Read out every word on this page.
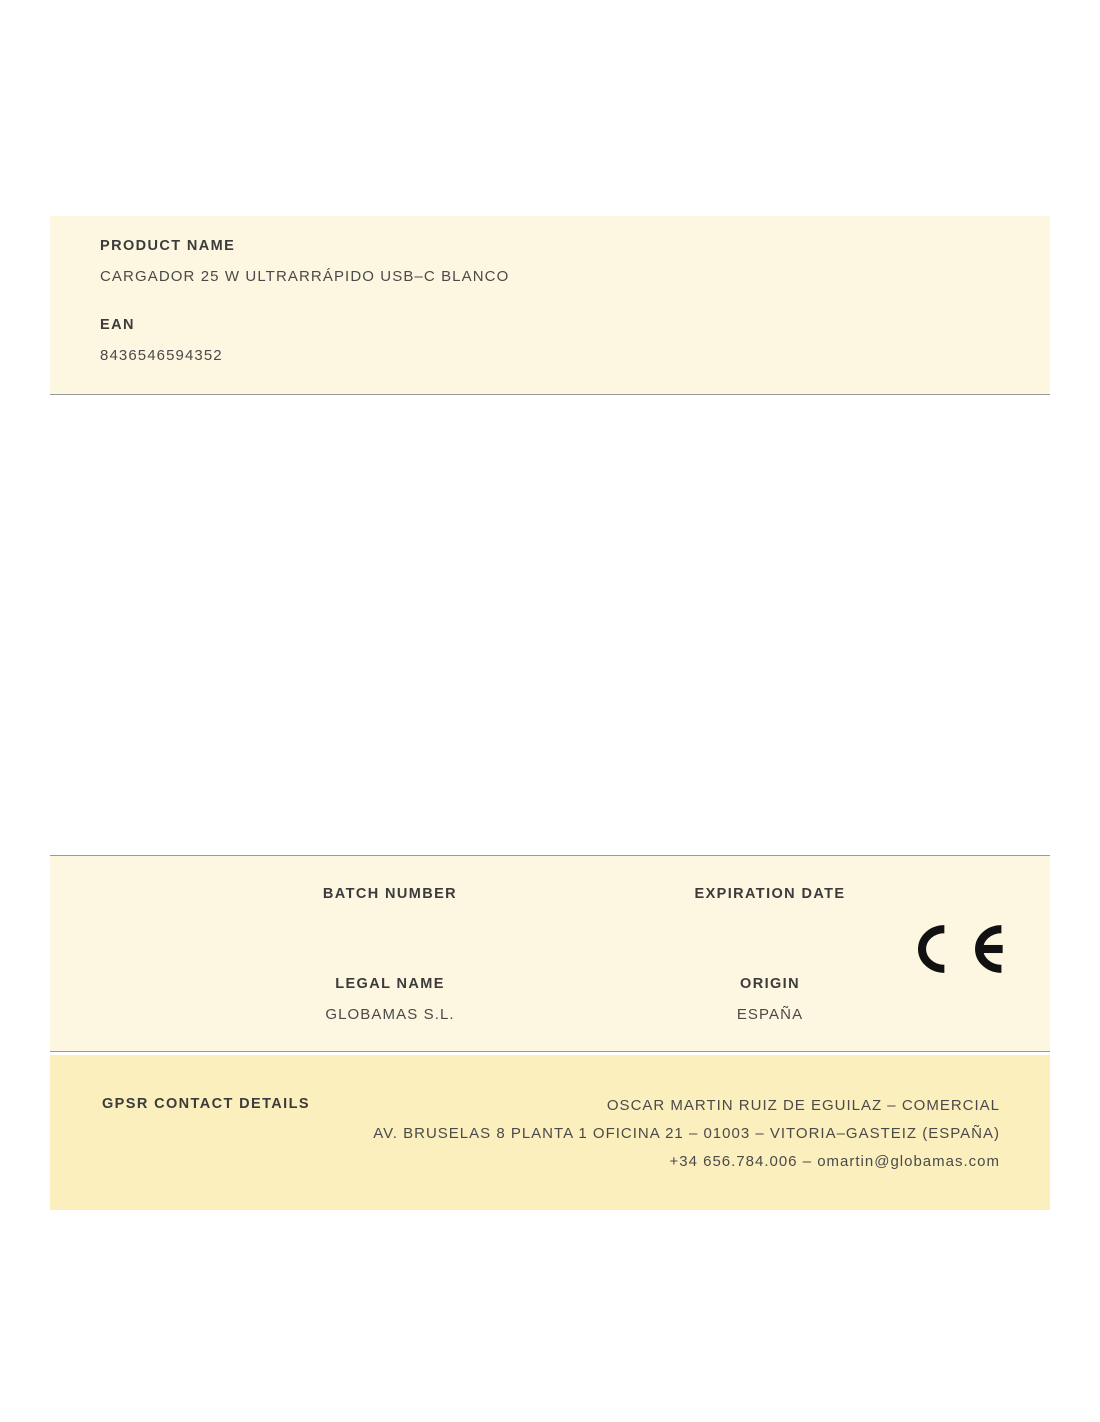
PRODUCT NAME

CARGADOR 25 W ULTRARRÁPIDO USB–C BLANCO

EAN

8436546594352

BATCH NUMBER	EXPIRATION DATE
LEGAL NAME
GLOBAMAS S.L.
ORIGIN
ESPAÑA
GPSR CONTACT DETAILS	OSCAR MARTIN RUIZ DE EGUILAZ – COMERCIAL
AV. BRUSELAS 8 PLANTA 1 OFICINA 21 – 01003 – VITORIA–GASTEIZ (ESPAÑA)
+34 656.784.006 – omartin@globamas.com
